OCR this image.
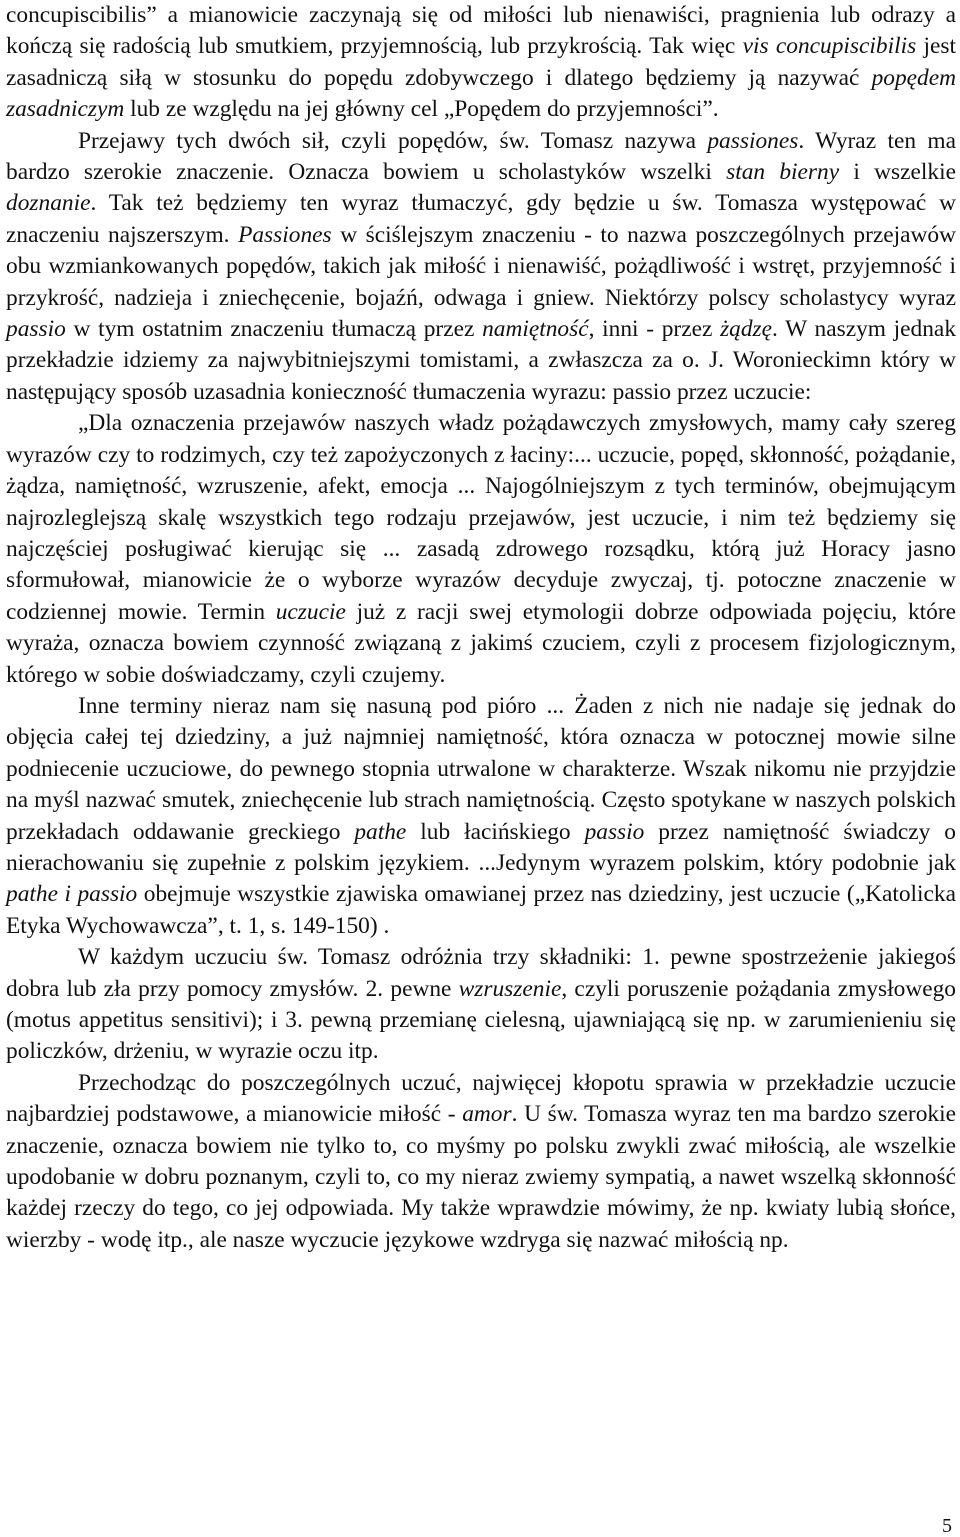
concupiscibilis” a mianowicie zaczynają się od miłości lub nienawiści, pragnienia lub odrazy a kończą się radością lub smutkiem, przyjemnością, lub przykrością. Tak więc vis concupiscibilis jest zasadniczą siłą w stosunku do popędu zdobywczego i dlatego będziemy ją nazywać popędem zasadniczym lub ze względu na jej główny cel „Popędem do przyjemności”.

Przejawy tych dwóch sił, czyli popędów, św. Tomasz nazywa passiones. Wyraz ten ma bardzo szerokie znaczenie. Oznacza bowiem u scholastyków wszelki stan bierny i wszelkie doznanie. Tak też będziemy ten wyraz tłumaczyć, gdy będzie u św. Tomasza występować w znaczeniu najszerszym. Passiones w ściślejszym znaczeniu - to nazwa poszczególnych przejawów obu wzmiankowanych popędów, takich jak miłość i nienawiść, pożądliwość i wstręt, przyjemność i przykrość, nadzieja i zniechęcenie, bojaźń, odwaga i gniew. Niektórzy polscy scholastycy wyraz passio w tym ostatnim znaczeniu tłumaczą przez namiętność, inni - przez żądzę. W naszym jednak przekładzie idziemy za najwybitniejszymi tomistami, a zwłaszcza za o. J. Woronieckimn który w następujący sposób uzasadnia konieczność tłumaczenia wyrazu: passio przez uczucie:

„Dla oznaczenia przejawów naszych władz pożądawczych zmysłowych, mamy cały szereg wyrazów czy to rodzimych, czy też zapożyczonych z łaciny:... uczucie, popęd, skłonność, pożądanie, żądza, namiętność, wzruszenie, afekt, emocja ... Najogólniejszym z tych terminów, obejmującym najrozleglejszą skalę wszystkich tego rodzaju przejawów, jest uczucie, i nim też będziemy się najczęściej posługiwać kierując się ... zasadą zdrowego rozsądku, którą już Horacy jasno sformułował, mianowicie że o wyborze wyrazów decyduje zwyczaj, tj. potoczne znaczenie w codziennej mowie. Termin uczucie już z racji swej etymologii dobrze odpowiada pojęciu, które wyraża, oznacza bowiem czynność związaną z jakimś czuciem, czyli z procesem fizjologicznym, którego w sobie doświadczamy, czyli czujemy.

Inne terminy nieraz nam się nasuną pod pióro ... Żaden z nich nie nadaje się jednak do objęcia całej tej dziedziny, a już najmniej namiętność, która oznacza w potocznej mowie silne podniecenie uczuciowe, do pewnego stopnia utrwalone w charakterze. Wszak nikomu nie przyjdzie na myśl nazwać smutek, zniechęcenie lub strach namiętnością. Często spotykane w naszych polskich przekładach oddawanie greckiego pathe lub łacińskiego passio przez namiętność świadczy o nierachowaniu się zupełnie z polskim językiem. ...Jedynym wyrazem polskim, który podobnie jak pathe i passio obejmuje wszystkie zjawiska omawianej przez nas dziedziny, jest uczucie („Katolicka Etyka Wychowawcza”, t. 1, s. 149-150) .

W każdym uczuciu św. Tomasz odróżnia trzy składniki: 1. pewne spostrzeżenie jakiegoś dobra lub zła przy pomocy zmysłów. 2. pewne wzruszenie, czyli poruszenie pożądania zmysłowego (motus appetitus sensitivi); i 3. pewną przemianę cielesną, ujawniającą się np. w zarumienieniu się policzków, drżeniu, w wyrazie oczu itp.

Przechodząc do poszczególnych uczuć, najwięcej kłopotu sprawia w przekładzie uczucie najbardziej podstawowe, a mianowicie miłość - amor. U św. Tomasza wyraz ten ma bardzo szerokie znaczenie, oznacza bowiem nie tylko to, co myśmy po polsku zwykli zwać miłością, ale wszelkie upodobanie w dobru poznanym, czyli to, co my nieraz zwiemy sympatią, a nawet wszelką skłonność każdej rzeczy do tego, co jej odpowiada. My także wprawdzie mówimy, że np. kwiaty lubią słońce, wierzby - wodę itp., ale nasze wyczucie językowe wzdryga się nazwać miłością np.

5
